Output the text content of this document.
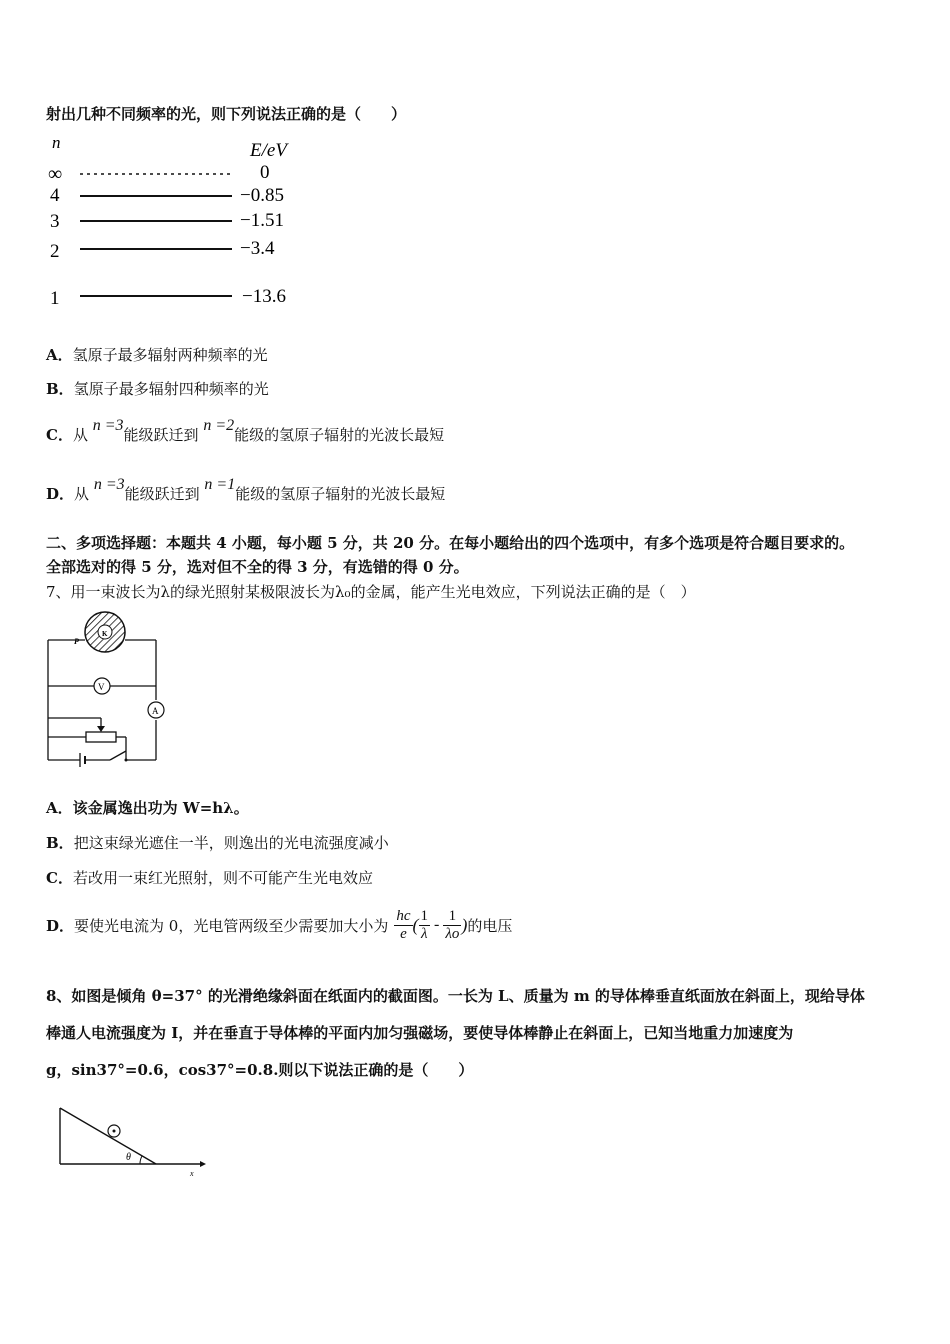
射出几种不同频率的光，则下列说法正确的是（　　）
n	E/eV
∞	0
4	−0.85
3	−1.51
2	−3.4
1	−13.6
A．氢原子最多辐射两种频率的光
B．氢原子最多辐射四种频率的光
C．从 n =3能级跃迁到 n =2能级的氢原子辐射的光波长最短
D．从 n =3能级跃迁到 n =1能级的氢原子辐射的光波长最短
二、多项选择题：本题共 4 小题，每小题 5 分，共 20 分。在每小题给出的四个选项中，有多个选项是符合题目要求的。
全部选对的得 5 分，选对但不全的得 3 分，有选错的得 0 分。
7、用一束波长为λ的绿光照射某极限波长为λ₀的金属，能产生光电效应，下列说法正确的是（　）
P
K
V
A
A．该金属逸出功为 W=hλ。
B．把这束绿光遮住一半，则逸出的光电流强度减小
C．若改用一束红光照射，则不可能产生光电效应
D． 要使光电流为 0，光电管两级至少需要加大小为 $\frac{hc}{e}$ ( $\frac{1}{\lambda} - \frac{1}{\lambda o}$ ) 的电压
8、如图是倾角 θ=37° 的光滑绝缘斜面在纸面内的截面图。一长为 L、质量为 m 的导体棒垂直纸面放在斜面上，现给导体
棒通人电流强度为 I，并在垂直于导体棒的平面内加匀强磁场，要使导体棒静止在斜面上，已知当地重力加速度为
g，sin37°=0.6，cos37°=0.8.则以下说法正确的是（　　）
θ
x
